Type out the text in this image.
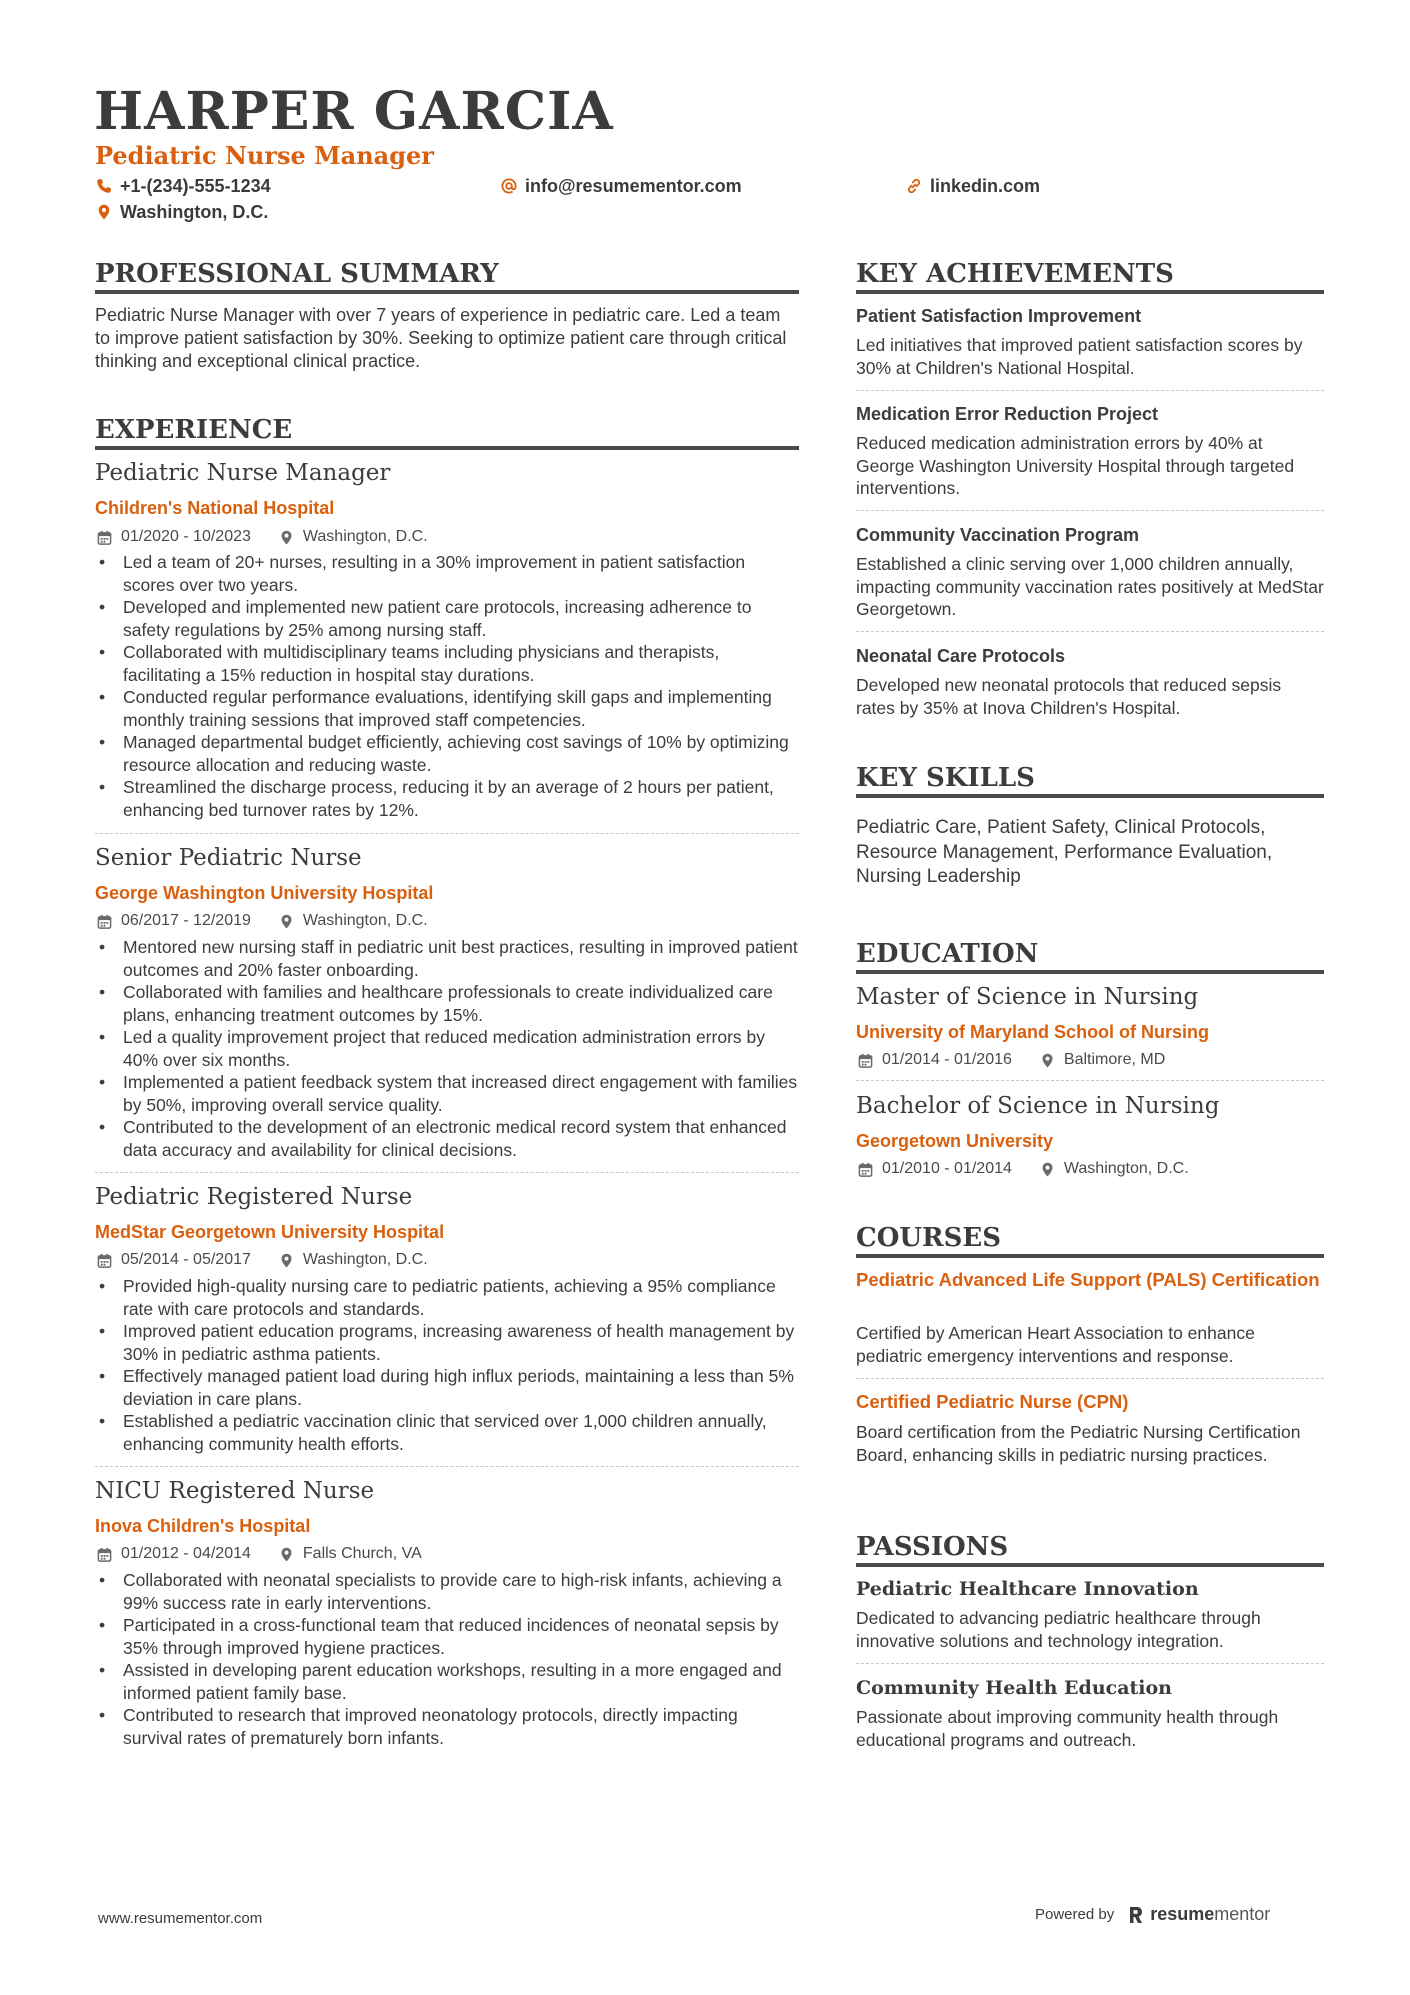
HARPER GARCIA
Pediatric Nurse Manager
+1-(234)-555-1234	info@resumementor.com	linkedin.com
Washington, D.C.
PROFESSIONAL SUMMARY
Pediatric Nurse Manager with over 7 years of experience in pediatric care. Led a team to improve patient satisfaction by 30%. Seeking to optimize patient care through critical thinking and exceptional clinical practice.
EXPERIENCE
Pediatric Nurse Manager
Children's National Hospital
01/2020 - 10/2023	Washington, D.C.
• Led a team of 20+ nurses, resulting in a 30% improvement in patient satisfaction scores over two years.
• Developed and implemented new patient care protocols, increasing adherence to safety regulations by 25% among nursing staff.
• Collaborated with multidisciplinary teams including physicians and therapists, facilitating a 15% reduction in hospital stay durations.
• Conducted regular performance evaluations, identifying skill gaps and implementing monthly training sessions that improved staff competencies.
• Managed departmental budget efficiently, achieving cost savings of 10% by optimizing resource allocation and reducing waste.
• Streamlined the discharge process, reducing it by an average of 2 hours per patient, enhancing bed turnover rates by 12%.
Senior Pediatric Nurse
George Washington University Hospital
06/2017 - 12/2019	Washington, D.C.
• Mentored new nursing staff in pediatric unit best practices, resulting in improved patient outcomes and 20% faster onboarding.
• Collaborated with families and healthcare professionals to create individualized care plans, enhancing treatment outcomes by 15%.
• Led a quality improvement project that reduced medication administration errors by 40% over six months.
• Implemented a patient feedback system that increased direct engagement with families by 50%, improving overall service quality.
• Contributed to the development of an electronic medical record system that enhanced data accuracy and availability for clinical decisions.
Pediatric Registered Nurse
MedStar Georgetown University Hospital
05/2014 - 05/2017	Washington, D.C.
• Provided high-quality nursing care to pediatric patients, achieving a 95% compliance rate with care protocols and standards.
• Improved patient education programs, increasing awareness of health management by 30% in pediatric asthma patients.
• Effectively managed patient load during high influx periods, maintaining a less than 5% deviation in care plans.
• Established a pediatric vaccination clinic that serviced over 1,000 children annually, enhancing community health efforts.
NICU Registered Nurse
Inova Children's Hospital
01/2012 - 04/2014	Falls Church, VA
• Collaborated with neonatal specialists to provide care to high-risk infants, achieving a 99% success rate in early interventions.
• Participated in a cross-functional team that reduced incidences of neonatal sepsis by 35% through improved hygiene practices.
• Assisted in developing parent education workshops, resulting in a more engaged and informed patient family base.
• Contributed to research that improved neonatology protocols, directly impacting survival rates of prematurely born infants.
KEY ACHIEVEMENTS
Patient Satisfaction Improvement
Led initiatives that improved patient satisfaction scores by 30% at Children's National Hospital.
Medication Error Reduction Project
Reduced medication administration errors by 40% at George Washington University Hospital through targeted interventions.
Community Vaccination Program
Established a clinic serving over 1,000 children annually, impacting community vaccination rates positively at MedStar Georgetown.
Neonatal Care Protocols
Developed new neonatal protocols that reduced sepsis rates by 35% at Inova Children's Hospital.
KEY SKILLS
Pediatric Care, Patient Safety, Clinical Protocols, Resource Management, Performance Evaluation, Nursing Leadership
EDUCATION
Master of Science in Nursing
University of Maryland School of Nursing
01/2014 - 01/2016	Baltimore, MD
Bachelor of Science in Nursing
Georgetown University
01/2010 - 01/2014	Washington, D.C.
COURSES
Pediatric Advanced Life Support (PALS) Certification
Certified by American Heart Association to enhance pediatric emergency interventions and response.
Certified Pediatric Nurse (CPN)
Board certification from the Pediatric Nursing Certification Board, enhancing skills in pediatric nursing practices.
PASSIONS
Pediatric Healthcare Innovation
Dedicated to advancing pediatric healthcare through innovative solutions and technology integration.
Community Health Education
Passionate about improving community health through educational programs and outreach.
www.resumementor.com	Powered by resumementor
